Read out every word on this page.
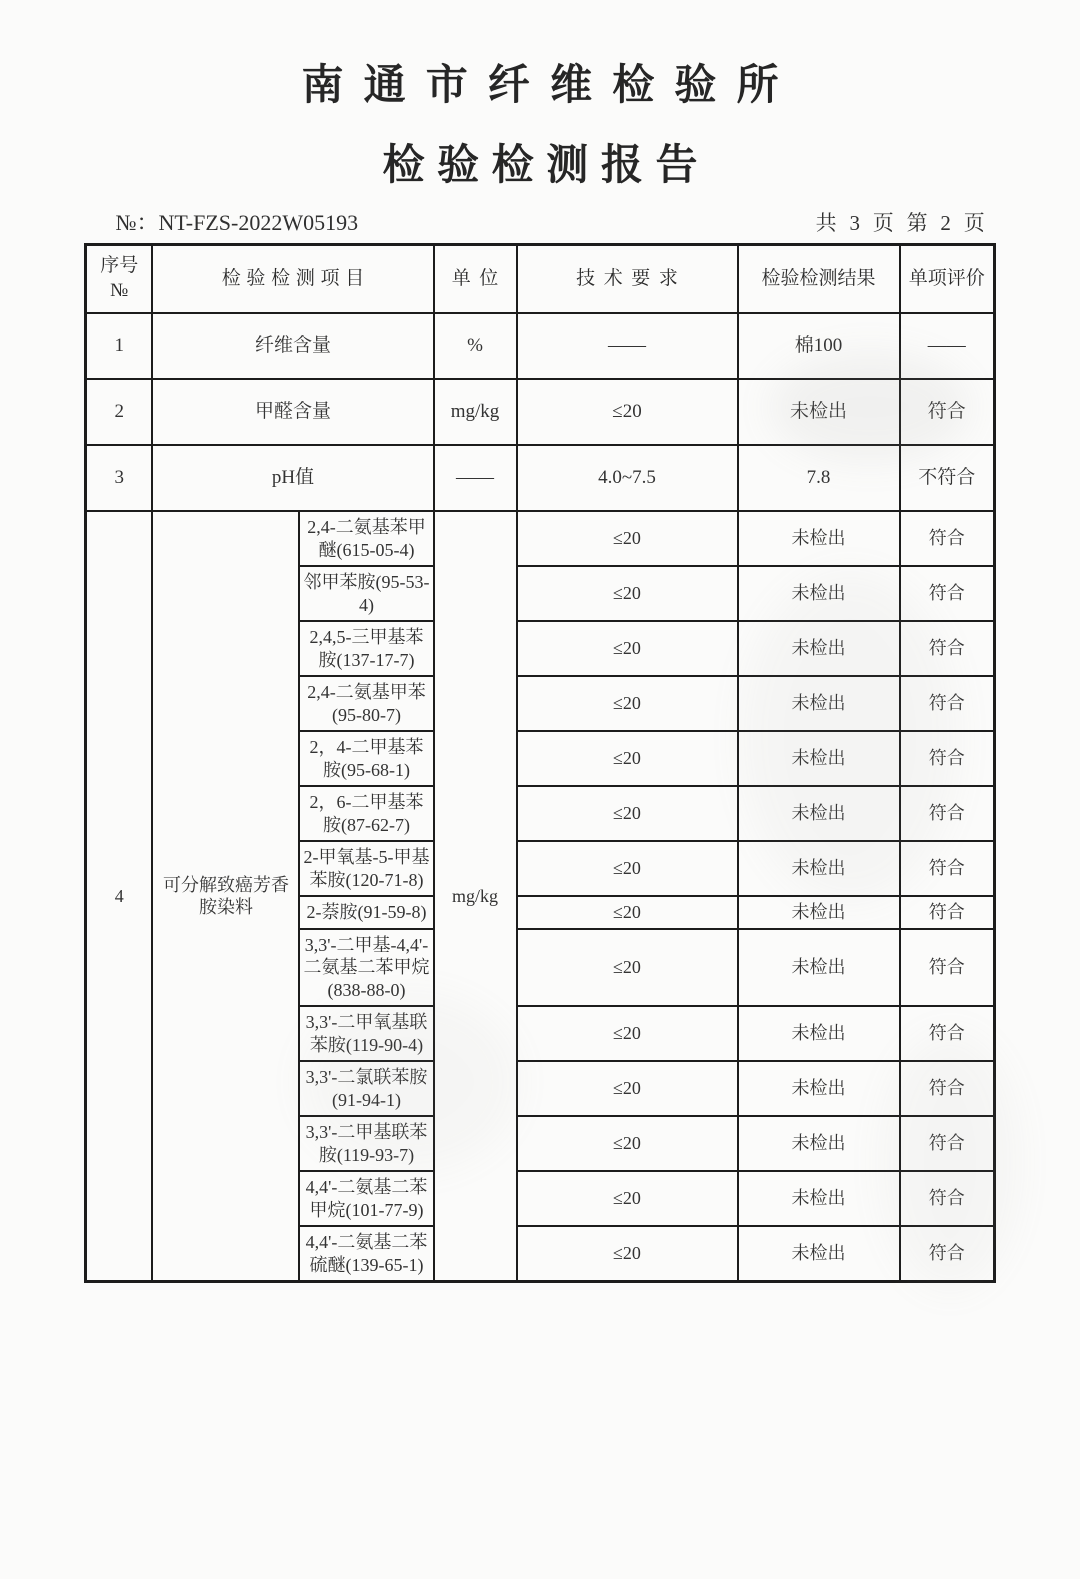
南通市纤维检验所
检验检测报告
№：NT-FZS-2022W05193	共 3 页 第 2 页
序号
№	检验检测项目		单位	技术要求	检验检测结果	单项评价
1	纤维含量		%	——	棉100	——
2	甲醛含量		mg/kg	≤20	未检出	符合
3	pH值		——	4.0~7.5	7.8	不符合
4	可分解致癌芳香胺染料	2,4-二氨基苯甲醚(615-05-4)	mg/kg	≤20	未检出	符合
		邻甲苯胺(95-53-4)		≤20	未检出	符合
		2,4,5-三甲基苯胺(137-17-7)		≤20	未检出	符合
		2,4-二氨基甲苯(95-80-7)		≤20	未检出	符合
		2，4-二甲基苯胺(95-68-1)		≤20	未检出	符合
		2，6-二甲基苯胺(87-62-7)		≤20	未检出	符合
		2-甲氧基-5-甲基苯胺(120-71-8)		≤20	未检出	符合
		2-萘胺(91-59-8)		≤20	未检出	符合
		3,3'-二甲基-4,4'-二氨基二苯甲烷(838-88-0)		≤20	未检出	符合
		3,3'-二甲氧基联苯胺(119-90-4)		≤20	未检出	符合
		3,3'-二氯联苯胺(91-94-1)		≤20	未检出	符合
		3,3'-二甲基联苯胺(119-93-7)		≤20	未检出	符合
		4,4'-二氨基二苯甲烷(101-77-9)		≤20	未检出	符合
		4,4'-二氨基二苯硫醚(139-65-1)		≤20	未检出	符合
